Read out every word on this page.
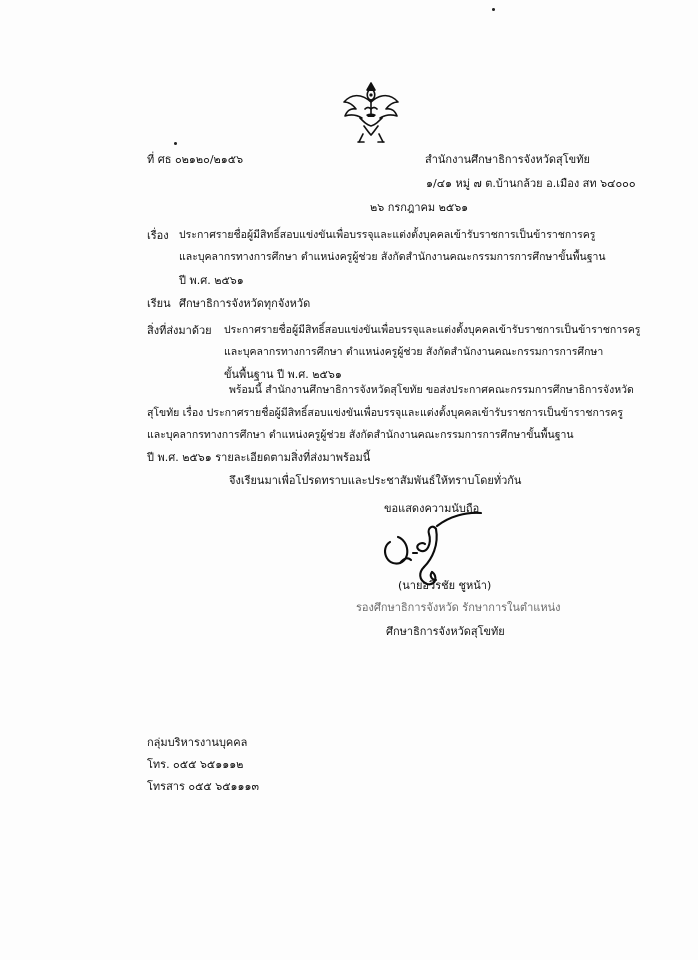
ที่ ศธ ๐๒๑๒๐/๒๑๕๖	สำนักงานศึกษาธิการจังหวัดสุโขทัย
๑/๔๑ หมู่ ๗ ต.บ้านกล้วย อ.เมือง สท ๖๔๐๐๐
๒๖ กรกฎาคม ๒๕๖๑
เรื่อง ประกาศรายชื่อผู้มีสิทธิ์สอบแข่งขันเพื่อบรรจุและแต่งตั้งบุคคลเข้ารับราชการเป็นข้าราชการครู
และบุคลากรทางการศึกษา ตำแหน่งครูผู้ช่วย สังกัดสำนักงานคณะกรรมการการศึกษาขั้นพื้นฐาน
ปี พ.ศ. ๒๕๖๑
เรียน ศึกษาธิการจังหวัดทุกจังหวัด
สิ่งที่ส่งมาด้วย ประกาศรายชื่อผู้มีสิทธิ์สอบแข่งขันเพื่อบรรจุและแต่งตั้งบุคคลเข้ารับราชการเป็นข้าราชการครู
และบุคลากรทางการศึกษา ตำแหน่งครูผู้ช่วย สังกัดสำนักงานคณะกรรมการการศึกษา
ขั้นพื้นฐาน ปี พ.ศ. ๒๕๖๑
พร้อมนี้ สำนักงานศึกษาธิการจังหวัดสุโขทัย ขอส่งประกาศคณะกรรมการศึกษาธิการจังหวัด
สุโขทัย เรื่อง ประกาศรายชื่อผู้มีสิทธิ์สอบแข่งขันเพื่อบรรจุและแต่งตั้งบุคคลเข้ารับราชการเป็นข้าราชการครู
และบุคลากรทางการศึกษา ตำแหน่งครูผู้ช่วย สังกัดสำนักงานคณะกรรมการการศึกษาขั้นพื้นฐาน
ปี พ.ศ. ๒๕๖๑ รายละเอียดตามสิ่งที่ส่งมาพร้อมนี้
จึงเรียนมาเพื่อโปรดทราบและประชาสัมพันธ์ให้ทราบโดยทั่วกัน
ขอแสดงความนับถือ
(นายอวิรชัย ชูหน้า)
รองศึกษาธิการจังหวัด รักษาการในตำแหน่ง
ศึกษาธิการจังหวัดสุโขทัย
กลุ่มบริหารงานบุคคล
โทร. ๐๕๕ ๖๕๑๑๑๒
โทรสาร ๐๕๕ ๖๕๑๑๑๓
